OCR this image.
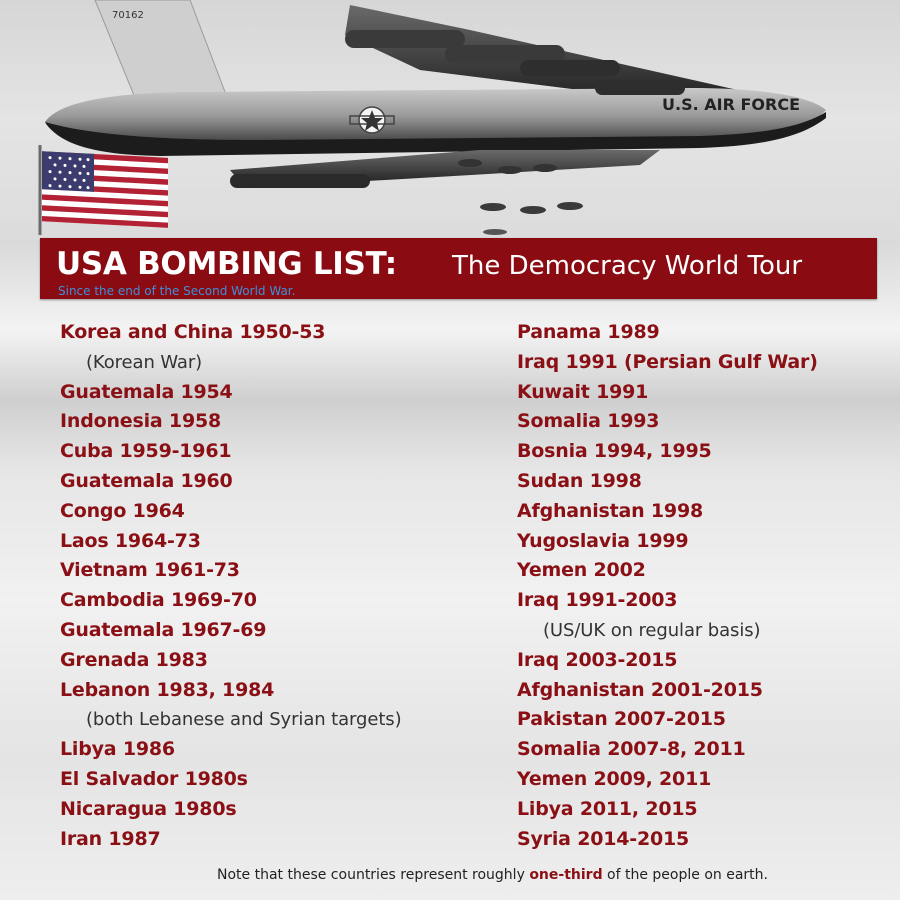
70162
U.S. AIR FORCE
USA BOMBING LIST: The Democracy World Tour
Since the end of the Second World War.
Korea and China 1950-53
(Korean War)
Guatemala 1954
Indonesia 1958
Cuba 1959-1961
Guatemala 1960
Congo 1964
Laos 1964-73
Vietnam 1961-73
Cambodia 1969-70
Guatemala 1967-69
Grenada 1983
Lebanon 1983, 1984
(both Lebanese and Syrian targets)
Libya 1986
El Salvador 1980s
Nicaragua 1980s
Iran 1987
Panama 1989
Iraq 1991 (Persian Gulf War)
Kuwait 1991
Somalia 1993
Bosnia 1994, 1995
Sudan 1998
Afghanistan 1998
Yugoslavia 1999
Yemen 2002
Iraq 1991-2003
(US/UK on regular basis)
Iraq 2003-2015
Afghanistan 2001-2015
Pakistan 2007-2015
Somalia 2007-8, 2011
Yemen 2009, 2011
Libya 2011, 2015
Syria 2014-2015
Note that these countries represent roughly one-third of the people on earth.
